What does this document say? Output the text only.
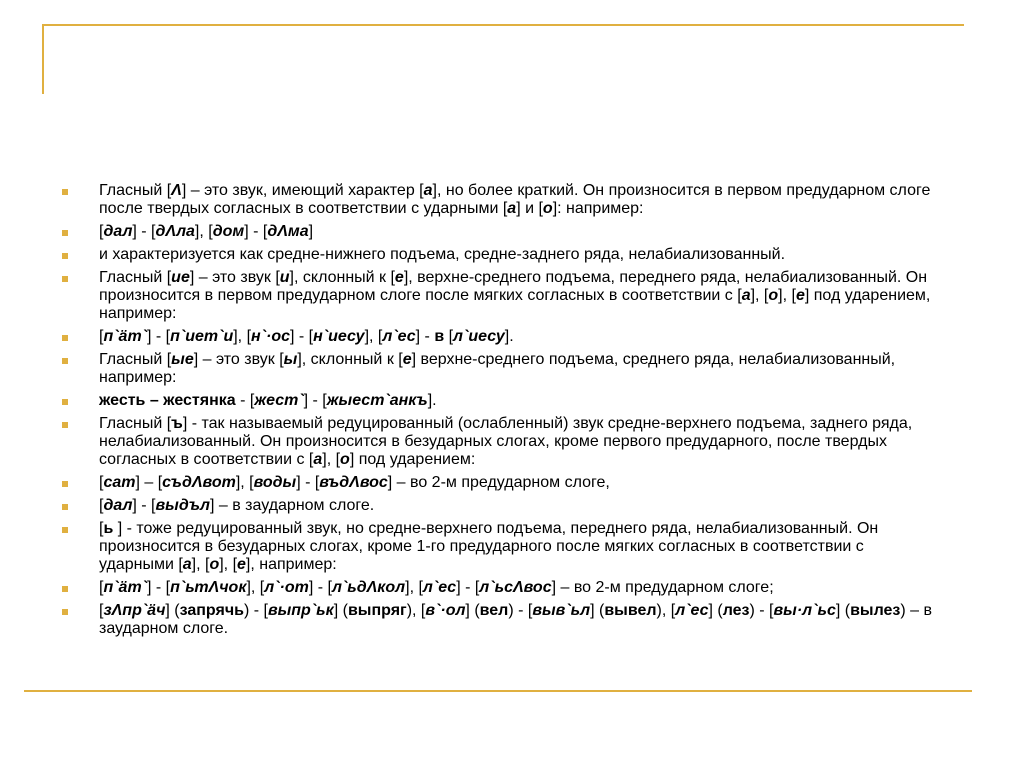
Гласный [Λ] – это звук, имеющий характер [а], но более краткий. Он произносится в первом предударном слоге после твердых согласных в соответствии с ударными [а] и [о]: например:
[дал] - [дΛла], [дом] - [дΛма]
и характеризуется как средне-нижнего подъема, средне-заднего ряда, нелабиализованный.
Гласный [ие] – это звук [и], склонный к [е], верхне-среднего подъема, переднего ряда, нелабиализованный. Он произносится в первом предударном слоге после мягких согласных в соответствии с [а], [о], [е] под ударением, например:
[п`äт`] - [п`иет`и], [н`·ос] - [н`иесу], [л`ес] - в [л`иесу].
Гласный [ые] – это звук [ы], склонный к [е] верхне-среднего подъема, среднего ряда, нелабиализованный, например:
жесть – жестянка - [жест`] - [жыест`анкъ].
Гласный [ъ] - так называемый редуцированный (ослабленный) звук средне-верхнего подъема, заднего ряда, нелабиализованный. Он произносится в безударных слогах, кроме первого предударного, после твердых согласных в соответствии с [а], [о] под ударением:
[сат] – [съдΛвот], [воды] - [въдΛвос] – во 2-м предударном слоге,
[дал] - [выдъл] – в заударном слоге.
[ь ] - тоже редуцированный звук, но средне-верхнего подъема, переднего ряда, нелабиализованный. Он произносится в безударных слогах, кроме 1-го предударного после мягких согласных в соответствии с ударными [а], [о], [е], например:
[п`äт`] - [п`ьтΛчок], [л`·от] - [л`ьдΛкол], [л`ес] - [л`ьсΛвос] – во 2-м предударном слоге;
[зΛпр`äч] (запрячь) - [выпр`ьк] (выпряг), [в`·ол] (вел) - [выв`ьл] (вывел), [л`ес] (лез) - [вы·л`ьс] (вылез) – в заударном слоге.
